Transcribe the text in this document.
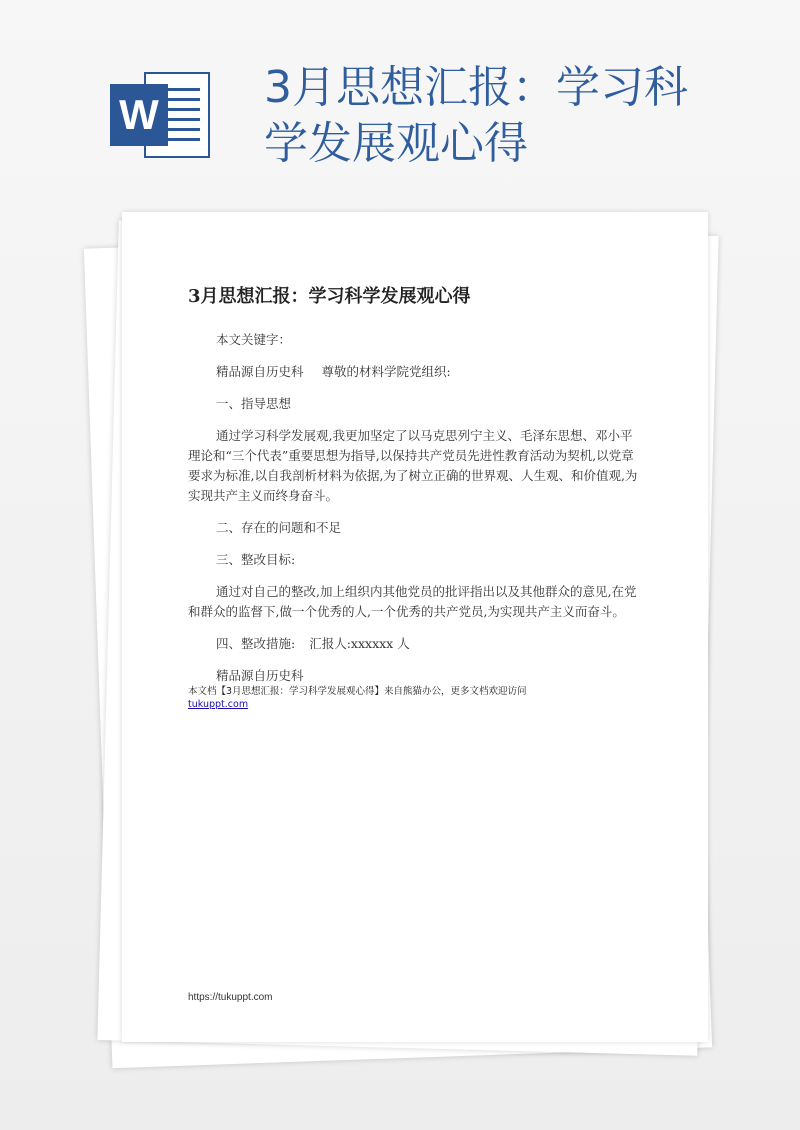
W
3月思想汇报：学习科
学发展观心得
3月思想汇报：学习科学发展观心得

本文关键字：

精品源自历史科 尊敬的材料学院党组织:

一、指导思想

通过学习科学发展观,我更加坚定了以马克思列宁主义、毛泽东思想、邓小平理论和“三个代表”重要思想为指导,以保持共产党员先进性教育活动为契机,以党章要求为标准,以自我剖析材料为依据,为了树立正确的世界观、人生观、和价值观,为实现共产主义而终身奋斗。

二、存在的问题和不足

三、整改目标:

通过对自己的整改,加上组织内其他党员的批评指出以及其他群众的意见,在党和群众的监督下,做一个优秀的人,一个优秀的共产党员,为实现共产主义而奋斗。

四、整改措施: 汇报人:xxxxxx 人

精品源自历史科

本文档【3月思想汇报：学习科学发展观心得】来自熊猫办公，更多文档欢迎访问
tukuppt.com
https://tukuppt.com
